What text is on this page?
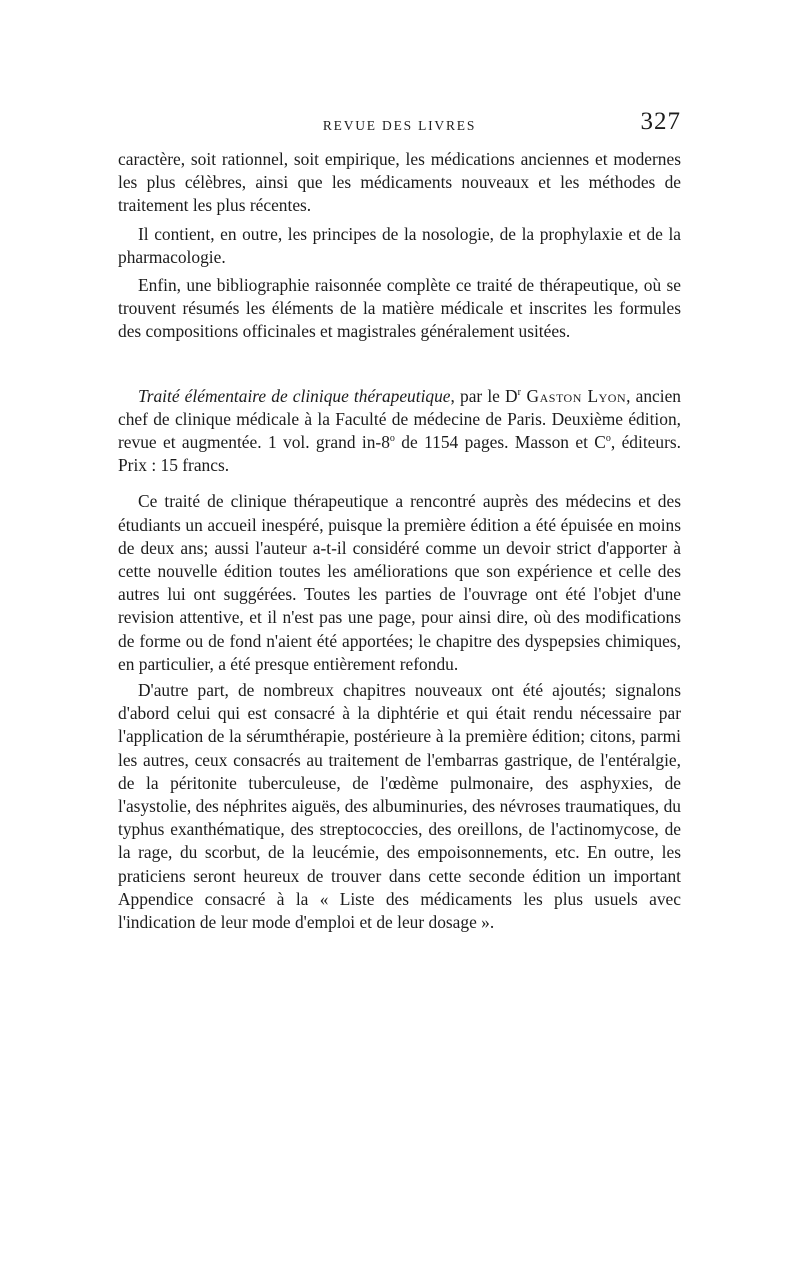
REVUE DES LIVRES	327

caractère, soit rationnel, soit empirique, les médications anciennes et modernes les plus célèbres, ainsi que les médicaments nouveaux et les méthodes de traitement les plus récentes.

Il contient, en outre, les principes de la nosologie, de la prophylaxie et de la pharmacologie.

Enfin, une bibliographie raisonnée complète ce traité de thérapeutique, où se trouvent résumés les éléments de la matière médicale et inscrites les formules des compositions officinales et magistrales généralement usitées.

Traité élémentaire de clinique thérapeutique, par le $D^r$ Gaston Lyon, ancien chef de clinique médicale à la Faculté de médecine de Paris. Deuxième édition, revue et augmentée. 1 vol. grand in-8$^o$ de 1154 pages. Masson et $C^o$, éditeurs. Prix : 15 francs.

Ce traité de clinique thérapeutique a rencontré auprès des médecins et des étudiants un accueil inespéré, puisque la première édition a été épuisée en moins de deux ans; aussi l'auteur a-t-il considéré comme un devoir strict d'apporter à cette nouvelle édition toutes les améliorations que son expérience et celle des autres lui ont suggérées. Toutes les parties de l'ouvrage ont été l'objet d'une revision attentive, et il n'est pas une page, pour ainsi dire, où des modifications de forme ou de fond n'aient été apportées; le chapitre des dyspepsies chimiques, en particulier, a été presque entièrement refondu.

D'autre part, de nombreux chapitres nouveaux ont été ajoutés; signalons d'abord celui qui est consacré à la diphtérie et qui était rendu nécessaire par l'application de la sérumthérapie, postérieure à la première édition; citons, parmi les autres, ceux consacrés au traitement de l'embarras gastrique, de l'entéralgie, de la péritonite tuberculeuse, de l'œdème pulmonaire, des asphyxies, de l'asystolie, des néphrites aiguës, des albuminuries, des névroses traumatiques, du typhus exanthématique, des streptococcies, des oreillons, de l'actinomycose, de la rage, du scorbut, de la leucémie, des empoisonnements, etc. En outre, les praticiens seront heureux de trouver dans cette seconde édition un important Appendice consacré à la « Liste des médicaments les plus usuels avec l'indication de leur mode d'emploi et de leur dosage ».
